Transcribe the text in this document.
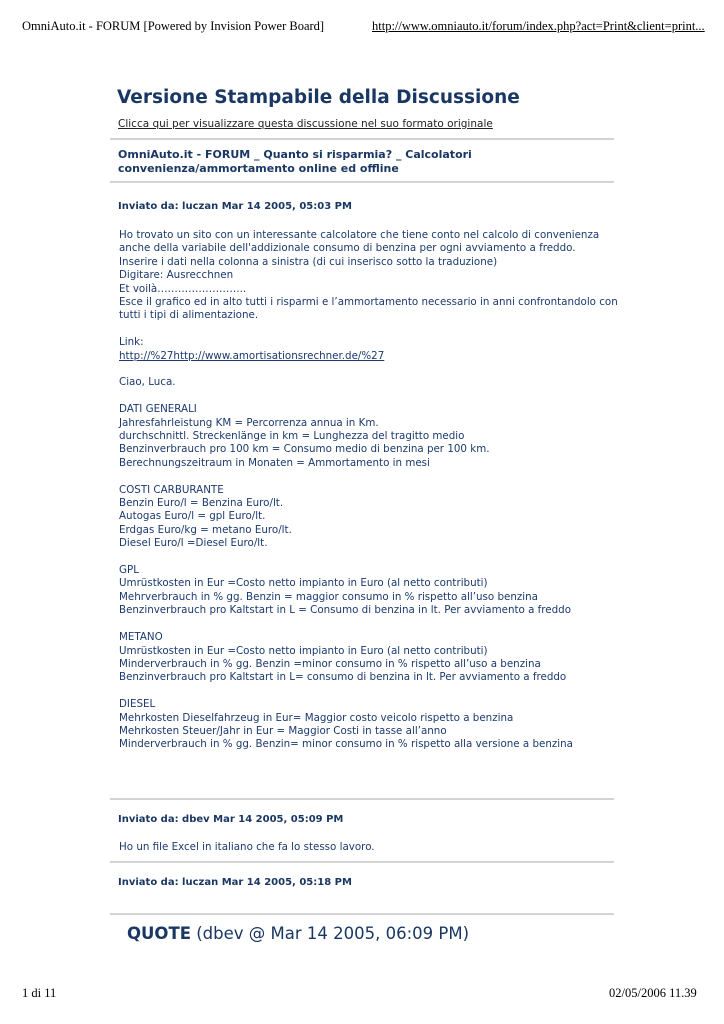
OmniAuto.it - FORUM [Powered by Invision Power Board]	http://www.omniauto.it/forum/index.php?act=Print&client=print...
Versione Stampabile della Discussione
Clicca qui per visualizzare questa discussione nel suo formato originale
OmniAuto.it - FORUM _ Quanto si risparmia? _ Calcolatori convenienza/ammortamento online ed offline
Inviato da: luczan Mar 14 2005, 05:03 PM
Ho trovato un sito con un interessante calcolatore che tiene conto nel calcolo di convenienza
anche della variabile dell'addizionale consumo di benzina per ogni avviamento a freddo.
Inserire i dati nella colonna a sinistra (di cui inserisco sotto la traduzione)
Digitare: Ausrecchnen
Et voilà……………………..
Esce il grafico ed in alto tutti i risparmi e l’ammortamento necessario in anni confrontandolo con
tutti i tipi di alimentazione.
Link:
http://%27http://www.amortisationsrechner.de/%27
Ciao, Luca.
DATI GENERALI
Jahresfahrleistung KM = Percorrenza annua in Km.
durchschnittl. Streckenlänge in km = Lunghezza del tragitto medio
Benzinverbrauch pro 100 km = Consumo medio di benzina per 100 km.
Berechnungszeitraum in Monaten = Ammortamento in mesi
COSTI CARBURANTE
Benzin Euro/l = Benzina Euro/lt.
Autogas Euro/l = gpl Euro/lt.
Erdgas Euro/kg = metano Euro/lt.
Diesel Euro/l =Diesel Euro/lt.
GPL
Umrüstkosten in Eur =Costo netto impianto in Euro (al netto contributi)
Mehrverbrauch in % gg. Benzin = maggior consumo in % rispetto all’uso benzina
Benzinverbrauch pro Kaltstart in L = Consumo di benzina in lt. Per avviamento a freddo
METANO
Umrüstkosten in Eur =Costo netto impianto in Euro (al netto contributi)
Minderverbrauch in % gg. Benzin =minor consumo in % rispetto all’uso a benzina
Benzinverbrauch pro Kaltstart in L= consumo di benzina in lt. Per avviamento a freddo
DIESEL
Mehrkosten Dieselfahrzeug in Eur= Maggior costo veicolo rispetto a benzina
Mehrkosten Steuer/Jahr in Eur = Maggior Costi in tasse all’anno
Minderverbrauch in % gg. Benzin= minor consumo in % rispetto alla versione a benzina
Inviato da: dbev Mar 14 2005, 05:09 PM
Ho un file Excel in italiano che fa lo stesso lavoro.
Inviato da: luczan Mar 14 2005, 05:18 PM
QUOTE (dbev @ Mar 14 2005, 06:09 PM)
1 di 11	02/05/2006 11.39
